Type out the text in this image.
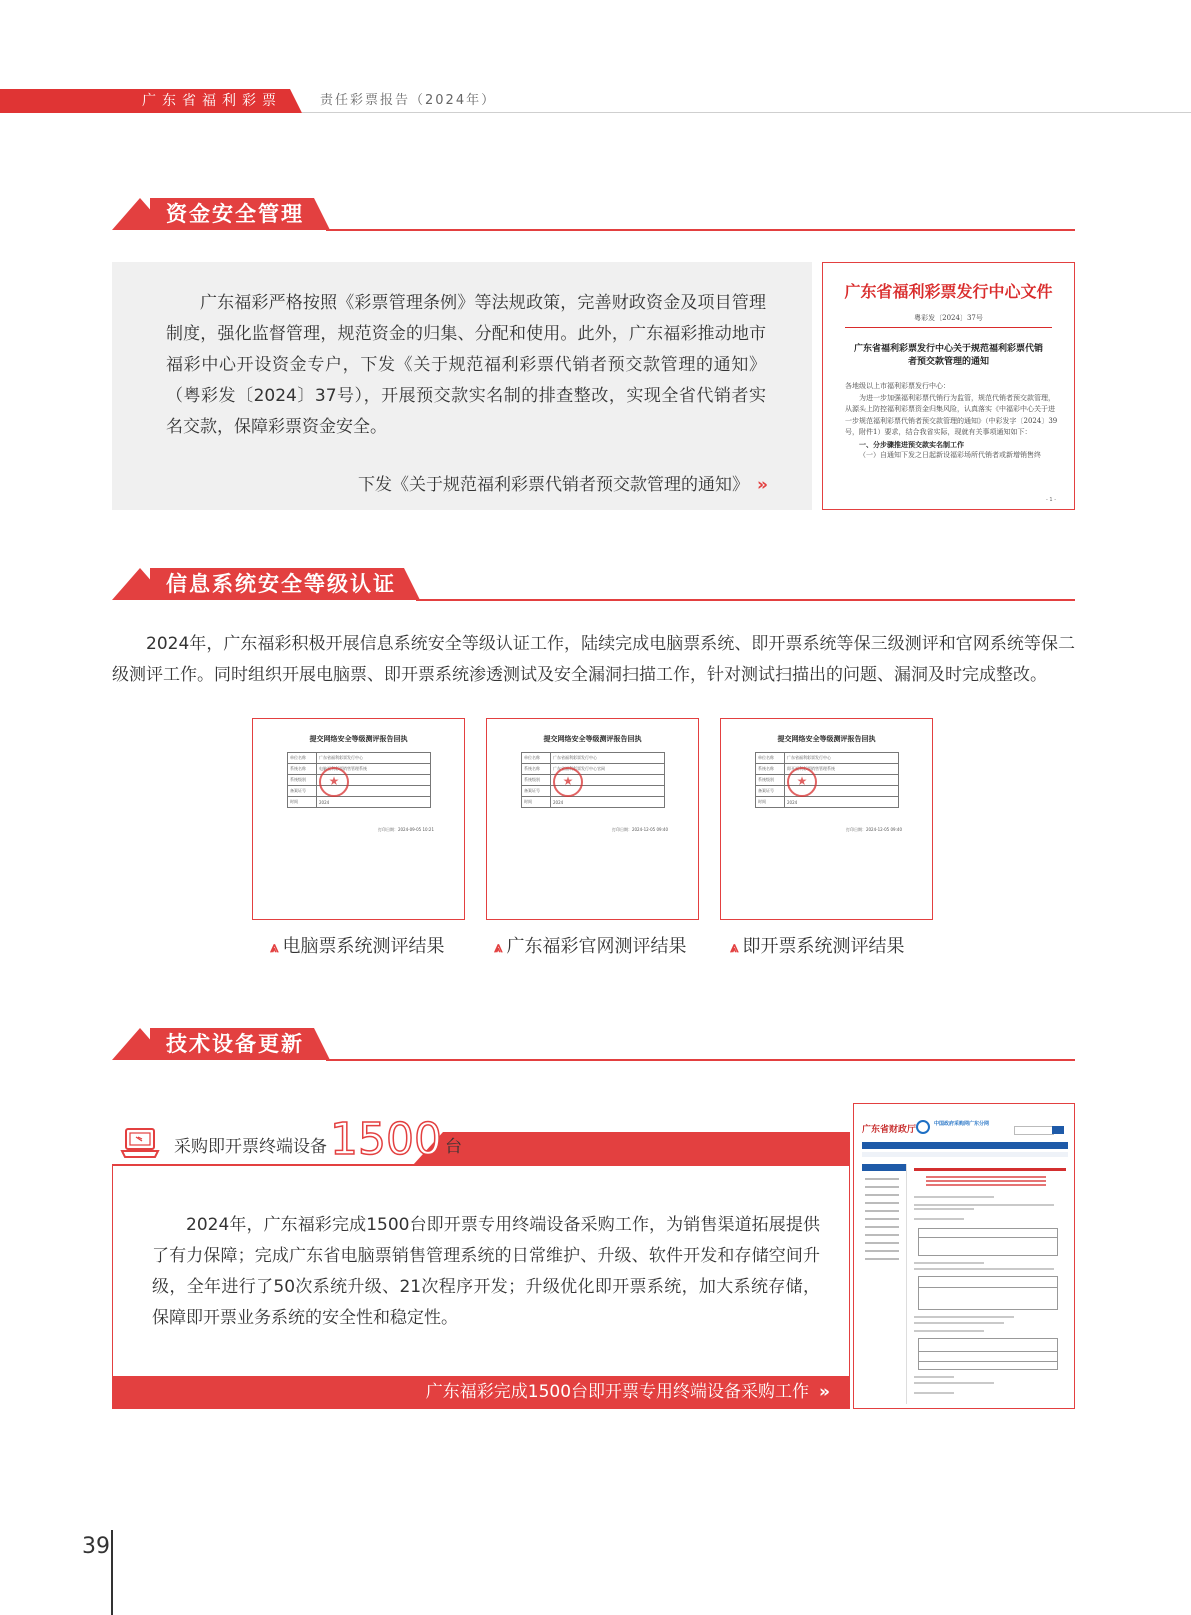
广东省福利彩票	责任彩票报告（2024年）
资金安全管理
广东福彩严格按照《彩票管理条例》等法规政策，完善财政资金及项目管理制度，强化监督管理，规范资金的归集、分配和使用。此外，广东福彩推动地市福彩中心开设资金专户，下发《关于规范福利彩票代销者预交款管理的通知》（粤彩发〔2024〕37号），开展预交款实名制的排查整改，实现全省代销者实名交款，保障彩票资金安全。
下发《关于规范福利彩票代销者预交款管理的通知》 »
广东省福利彩票发行中心文件
粤彩发〔2024〕37号
广东省福利彩票发行中心关于规范福利彩票代销者预交款管理的通知

各地级以上市福利彩票发行中心：

为进一步加强福利彩票代销行为监管，规范代销者预交款管理，从源头上防控福利彩票资金归集风险，认真落实《中福彩中心关于进一步规范福利彩票代销者预交款管理的通知》（中彩发字〔2024〕39号，附件1）要求，结合我省实际，现就有关事项通知如下：

一、分步骤推进预交款实名制工作

（一）自通知下发之日起新设福彩场所代销者或新增销售终

- 1 -
信息系统安全等级认证
2024年，广东福彩积极开展信息系统安全等级认证工作，陆续完成电脑票系统、即开票系统等保三级测评和官网系统等保二级测评工作。同时组织开展电脑票、即开票系统渗透测试及安全漏洞扫描工作，针对测试扫描出的问题、漏洞及时完成整改。
提交网络安全等级测评报告回执
单位名称	广东省福利彩票发行中心
系统名称	电脑福利彩票销售管理系统
系统级别	
备案证号	
时间	2024
★
打印日期：2024-09-05 10:21
提交网络安全等级测评报告回执
单位名称	广东省福利彩票发行中心
系统名称	广东省福利彩票发行中心官网
系统级别	
备案证号	
时间	2024
★
打印日期：2024-12-05 09:40
提交网络安全等级测评报告回执
单位名称	广东省福利彩票发行中心
系统名称	即开福利彩票销售管理系统
系统级别	
备案证号	
时间	2024
★
打印日期：2024-12-05 09:40
⩓ 电脑票系统测评结果	⩓ 广东福彩官网测评结果	⩓ 即开票系统测评结果
技术设备更新
采购即开票终端设备1500 台
2024年，广东福彩完成1500台即开票专用终端设备采购工作，为销售渠道拓展提供了有力保障；完成广东省电脑票销售管理系统的日常维护、升级、软件开发和存储空间升级，全年进行了50次系统升级、21次程序开发；升级优化即开票系统，加大系统存储，保障即开票业务系统的安全性和稳定性。
广东福彩完成1500台即开票专用终端设备采购工作 »
广东省财政厅
中国政府采购网广东分网
39
